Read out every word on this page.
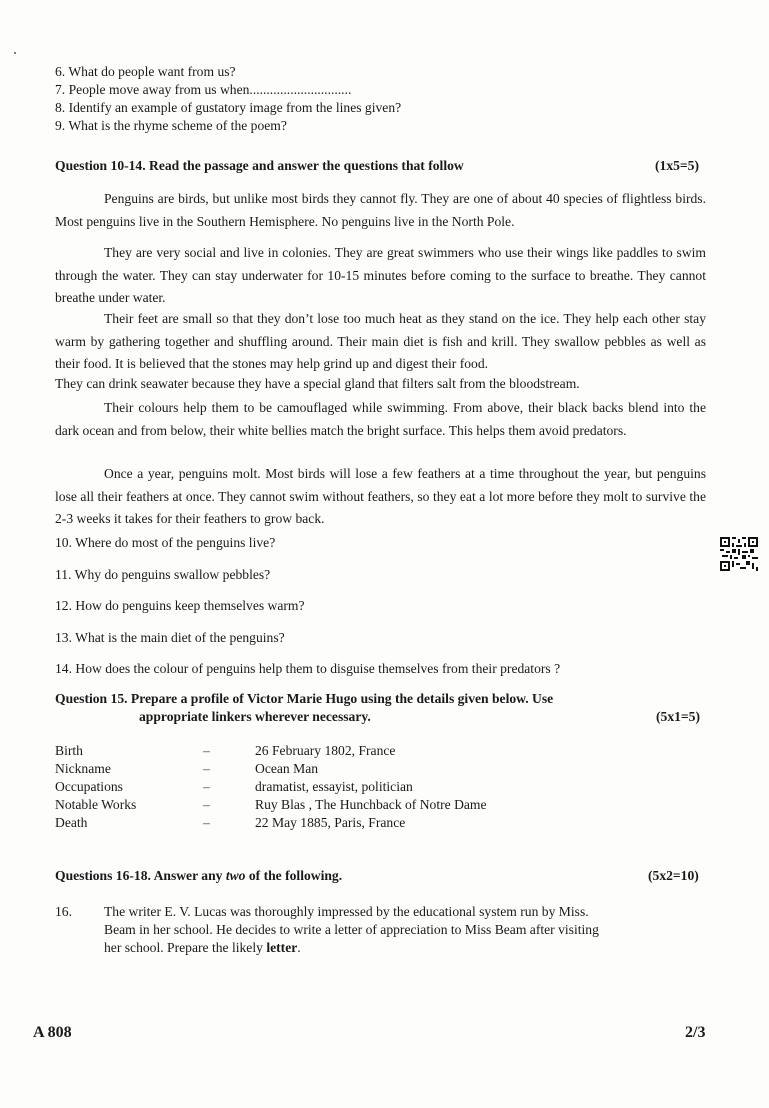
6. What do people want from us?
7. People move away from us when..............................
8. Identify an example of gustatory image from the lines given?
9. What is the rhyme scheme of the poem?
Question 10-14. Read the passage and answer the questions that follow	(1x5=5)

Penguins are birds, but unlike most birds they cannot fly. They are one of about 40 species of flightless birds. Most penguins live in the Southern Hemisphere. No penguins live in the North Pole.

They are very social and live in colonies. They are great swimmers who use their wings like paddles to swim through the water. They can stay underwater for 10-15 minutes before coming to the surface to breathe. They cannot breathe under water.

Their feet are small so that they don’t lose too much heat as they stand on the ice. They help each other stay warm by gathering together and shuffling around. Their main diet is fish and krill. They swallow pebbles as well as their food. It is believed that the stones may help grind up and digest their food.

They can drink seawater because they have a special gland that filters salt from the bloodstream.

Their colours help them to be camouflaged while swimming. From above, their black backs blend into the dark ocean and from below, their white bellies match the bright surface. This helps them avoid predators.

Once a year, penguins molt. Most birds will lose a few feathers at a time throughout the year, but penguins lose all their feathers at once. They cannot swim without feathers, so they eat a lot more before they molt to survive the 2-3 weeks it takes for their feathers to grow back.

10. Where do most of the penguins live?
11. Why do penguins swallow pebbles?
12. How do penguins keep themselves warm?
13. What is the main diet of the penguins?
14. How does the colour of penguins help them to disguise themselves from their predators ?
Question 15. Prepare a profile of Victor Marie Hugo using the details given below. Use
appropriate linkers wherever necessary.	(5x1=5)
Birth	–	26 February 1802, France
Nickname	–	Ocean Man
Occupations	–	dramatist, essayist, politician
Notable Works	–	Ruy Blas , The Hunchback of Notre Dame
Death	–	22 May 1885, Paris, France
Questions 16-18. Answer any two of the following.	(5x2=10)
16. The writer E. V. Lucas was thoroughly impressed by the educational system run by Miss.
Beam in her school. He decides to write a letter of appreciation to Miss Beam after visiting
her school. Prepare the likely letter.
A 808	2/3
